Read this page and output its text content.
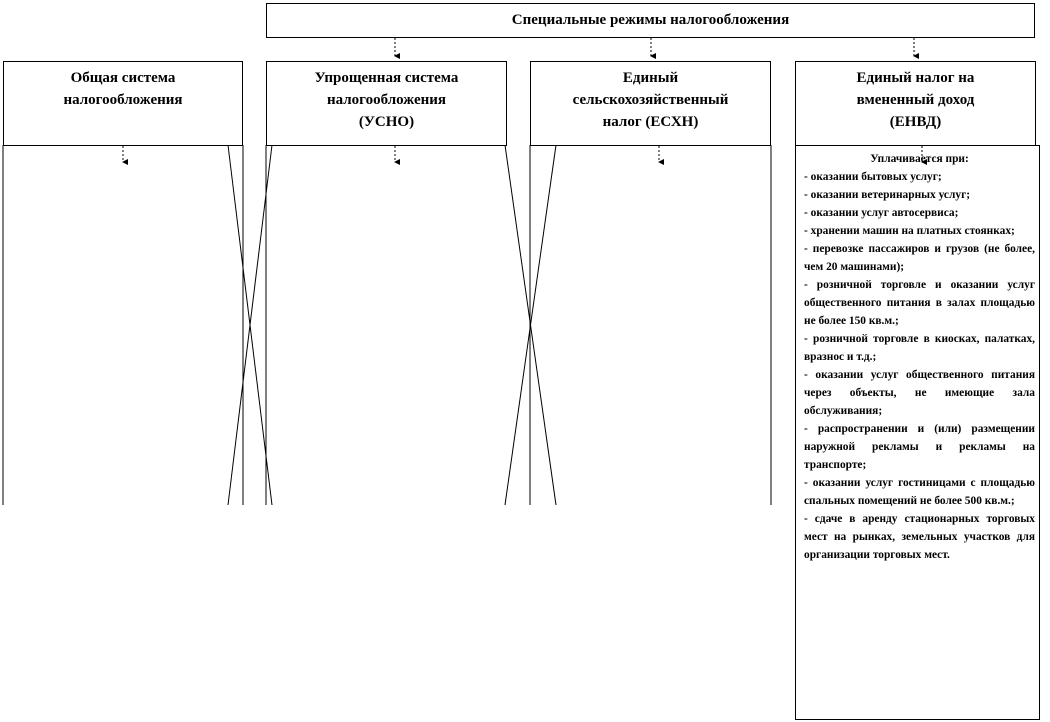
Специальные режимы налогообложения
Общая система
налогообложения
Упрощенная система
налогообложения
(УСНО)
Единый
сельскохозяйственный
налог (ЕСХН)
Единый налог на
вмененный доход
(ЕНВД)
Уплачивается при:
- оказании бытовых услуг;
- оказании ветеринарных услуг;
- оказании услуг автосервиса;
- хранении машин на платных стоянках;
- перевозке пассажиров и грузов (не более, чем 20 машинами);
- розничной торговле и оказании услуг общественного питания в залах площадью не более 150 кв.м.;
- розничной торговле в киосках, палатках, вразнос и т.д.;
- оказании услуг общественного питания через объекты, не имеющие зала обслуживания;
- распространении и (или) размещении наружной рекламы и рекламы на транспорте;
- оказании услуг гостиницами с площадью спальных помещений не более 500 кв.м.;
- сдаче в аренду стационарных торговых мест на рынках, земельных участков для организации торговых мест.
